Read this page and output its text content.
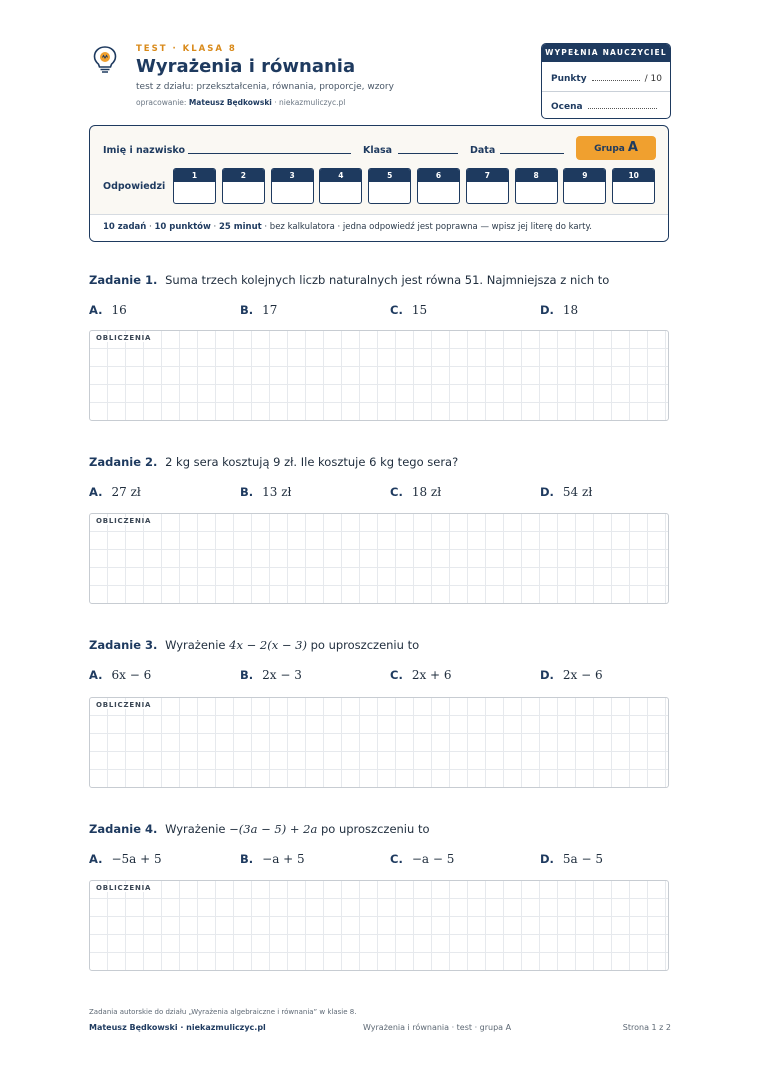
TEST · KLASA 8
Wyrażenia i równania
test z działu: przekształcenia, równania, proporcje, wzory
opracowanie: Mateusz Będkowski · niekazmuliczyc.pl
WYPEŁNIA NAUCZYCIEL
Punkty	/ 10
Ocena
Imię i nazwisko	Klasa	Data	Grupa A
Odpowiedzi
1	2	3	4	5	6	7	8	9	10
10 zadań · 10 punktów · 25 minut · bez kalkulatora · jedna odpowiedź jest poprawna — wpisz jej literę do karty.
Zadanie 1. Suma trzech kolejnych liczb naturalnych jest równa 51. Najmniejsza z nich to
A. 16	B. 17	C. 15	D. 18
OBLICZENIA
Zadanie 2. 2 kg sera kosztują 9 zł. Ile kosztuje 6 kg tego sera?
A. 27 zł	B. 13 zł	C. 18 zł	D. 54 zł
OBLICZENIA
Zadanie 3. Wyrażenie 4x − 2(x − 3) po uproszczeniu to
A. 6x − 6	B. 2x − 3	C. 2x + 6	D. 2x − 6
OBLICZENIA
Zadanie 4. Wyrażenie −(3a − 5) + 2a po uproszczeniu to
A. −5a + 5	B. −a + 5	C. −a − 5	D. 5a − 5
OBLICZENIA
Zadania autorskie do działu „Wyrażenia algebraiczne i równania” w klasie 8.
Mateusz Będkowski · niekazmuliczyc.pl	Wyrażenia i równania · test · grupa A	Strona 1 z 2
